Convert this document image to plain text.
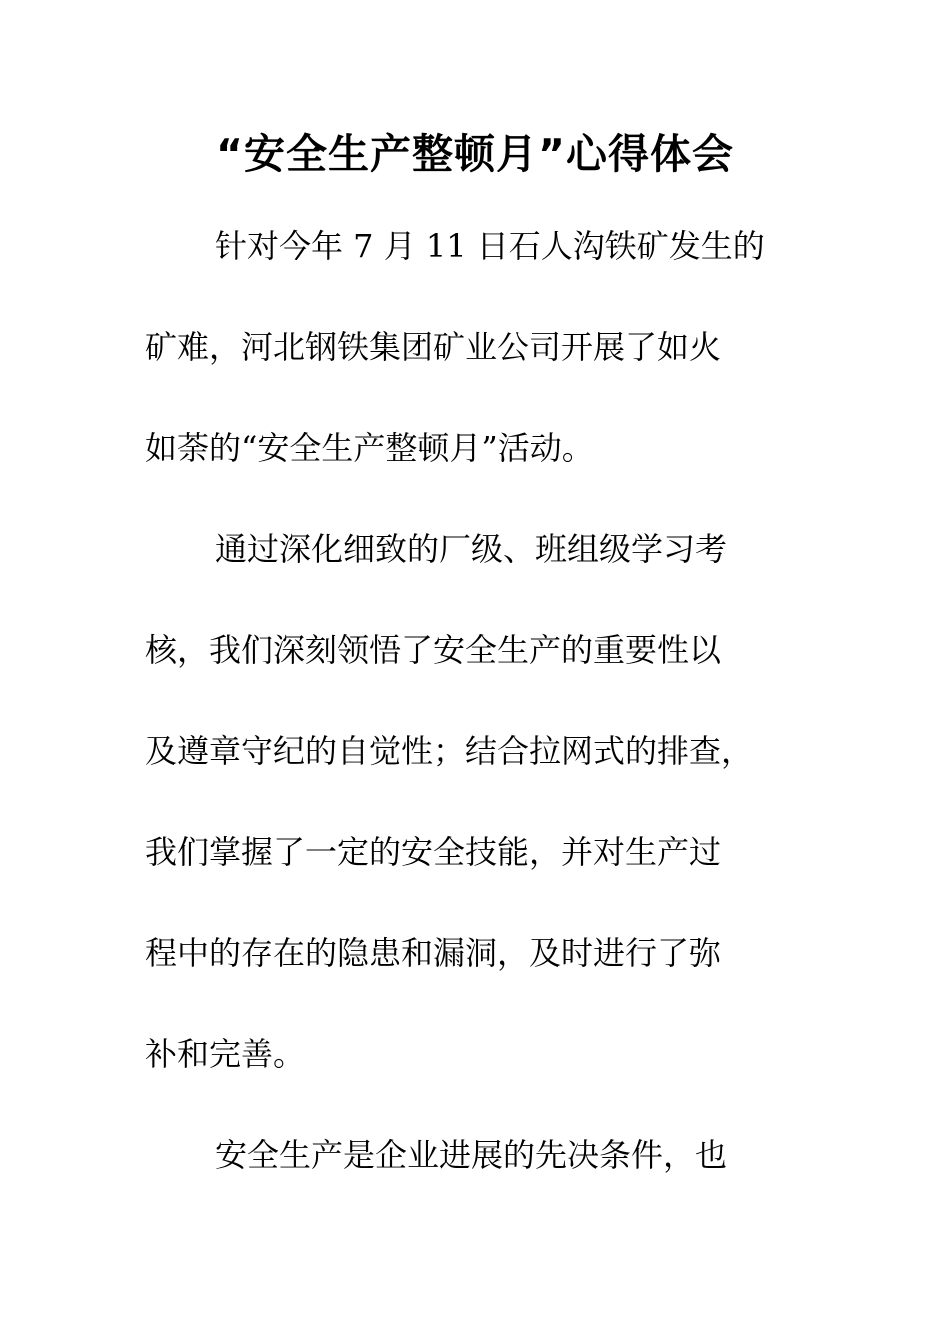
“安全生产整顿月”心得体会
针对今年 7 月 11 日石人沟铁矿发生的
矿难，河北钢铁集团矿业公司开展了如火
如荼的“安全生产整顿月”活动。
通过深化细致的厂级、班组级学习考
核，我们深刻领悟了安全生产的重要性以
及遵章守纪的自觉性；结合拉网式的排查，
我们掌握了一定的安全技能，并对生产过
程中的存在的隐患和漏洞，及时进行了弥
补和完善。
安全生产是企业进展的先决条件，也
